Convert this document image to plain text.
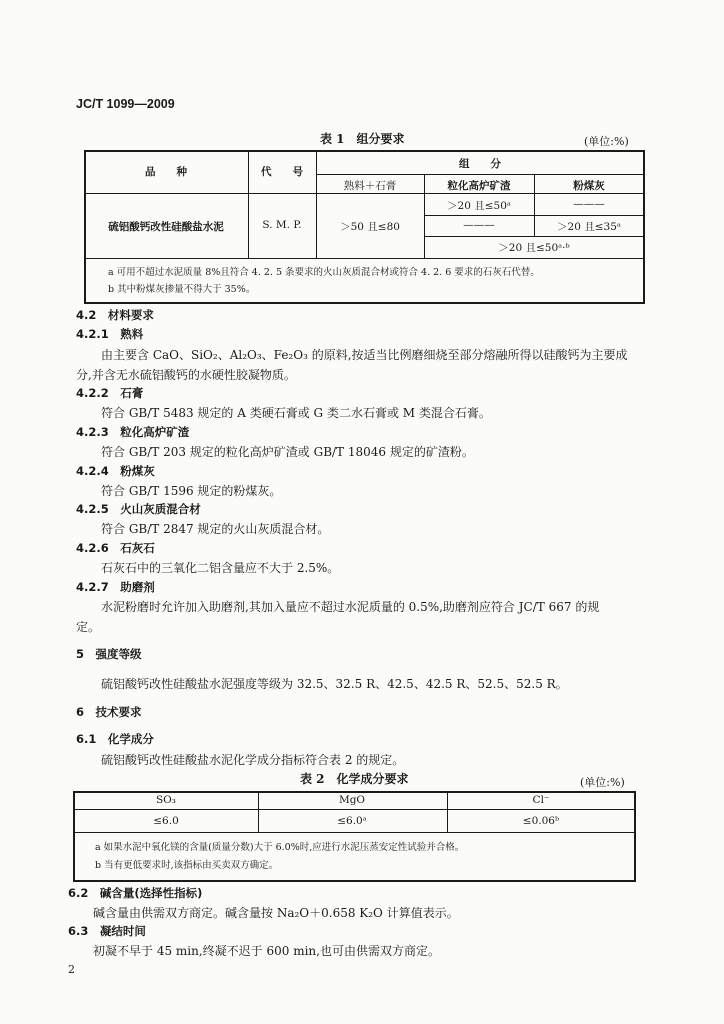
JC/T 1099—2009
表 1　组分要求	(单位:%)
品　　种	代　　号
组　　分
熟料＋石膏	粒化高炉矿渣	粉煤灰
硫铝酸钙改性硅酸盐水泥	S. M. P.	＞50 且≤80
＞20 且≤50ᵃ	———
———	＞20 且≤35ᵃ
＞20 且≤50ᵃ·ᵇ
a 可用不超过水泥质量 8%且符合 4. 2. 5 条要求的火山灰质混合材或符合 4. 2. 6 要求的石灰石代替。
b 其中粉煤灰掺量不得大于 35%。
4.2　 材料要求
4.2.1　 熟料
由主要含 CaO、SiO₂、Al₂O₃、Fe₂O₃ 的原料,按适当比例磨细烧至部分熔融所得以硅酸钙为主要成
分,并含无水硫铝酸钙的水硬性胶凝物质。
4.2.2　 石膏
符合 GB/T 5483 规定的 A 类硬石膏或 G 类二水石膏或 M 类混合石膏。
4.2.3　 粒化高炉矿渣
符合 GB/T 203 规定的粒化高炉矿渣或 GB/T 18046 规定的矿渣粉。
4.2.4　 粉煤灰
符合 GB/T 1596 规定的粉煤灰。
4.2.5　 火山灰质混合材
符合 GB/T 2847 规定的火山灰质混合材。
4.2.6　 石灰石
石灰石中的三氧化二铝含量应不大于 2.5%。
4.2.7　 助磨剂
水泥粉磨时允许加入助磨剂,其加入量应不超过水泥质量的 0.5%,助磨剂应符合 JC/T 667 的规
定。
5　 强度等级
硫铝酸钙改性硅酸盐水泥强度等级为 32.5、32.5 R、42.5、42.5 R、52.5、52.5 R。
6　 技术要求
6.1　 化学成分
硫铝酸钙改性硅酸盐水泥化学成分指标符合表 2 的规定。
表 2　化学成分要求	(单位:%)
SO₃	MgO	Cl⁻
≤6.0	≤6.0ᵃ	≤0.06ᵇ
a 如果水泥中氧化镁的含量(质量分数)大于 6.0%时,应进行水泥压蒸安定性试验并合格。
b 当有更低要求时,该指标由买卖双方确定。
6.2　 碱含量(选择性指标)
碱含量由供需双方商定。碱含量按 Na₂O＋0.658 K₂O 计算值表示。
6.3　 凝结时间
初凝不早于 45 min,终凝不迟于 600 min,也可由供需双方商定。
2
